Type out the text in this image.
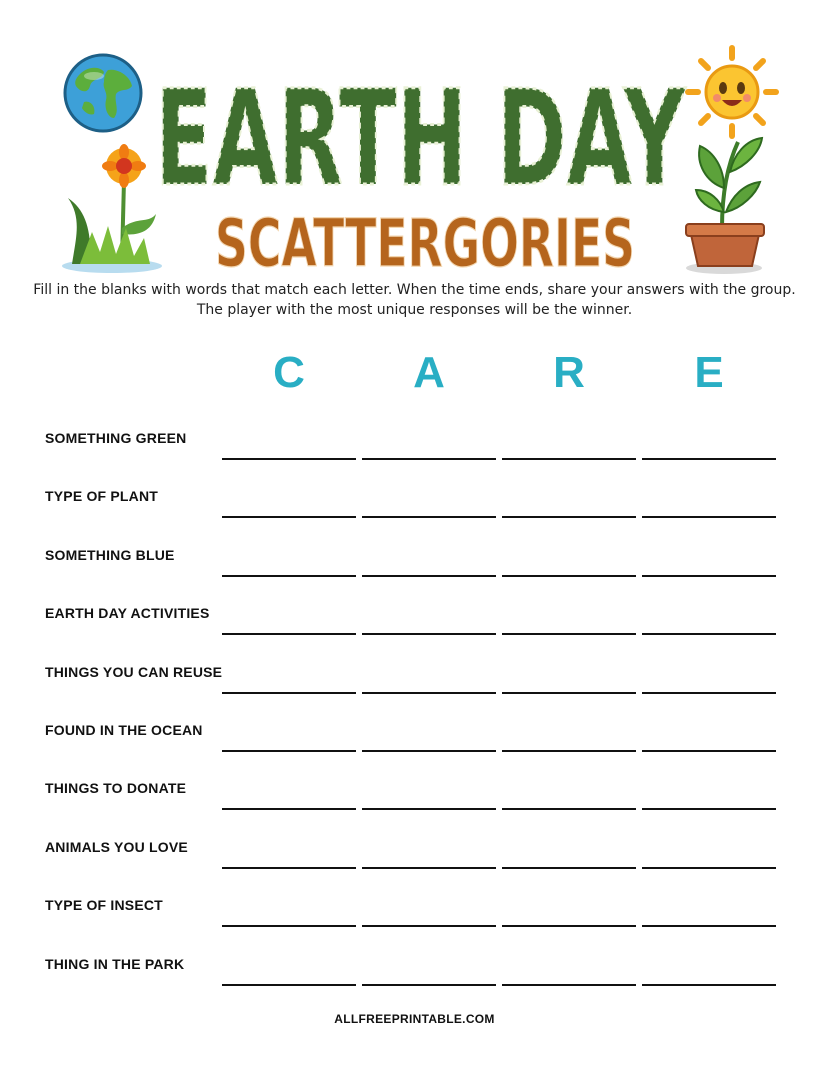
EARTH DAY
SCATTERGORIES
Fill in the blanks with words that match each letter. When the time ends, share your answers with the group.
The player with the most unique responses will be the winner.
C	A	R	E
SOMETHING GREEN
TYPE OF PLANT
SOMETHING BLUE
EARTH DAY ACTIVITIES
THINGS YOU CAN REUSE
FOUND IN THE OCEAN
THINGS TO DONATE
ANIMALS YOU LOVE
TYPE OF INSECT
THING IN THE PARK
ALLFREEPRINTABLE.COM
